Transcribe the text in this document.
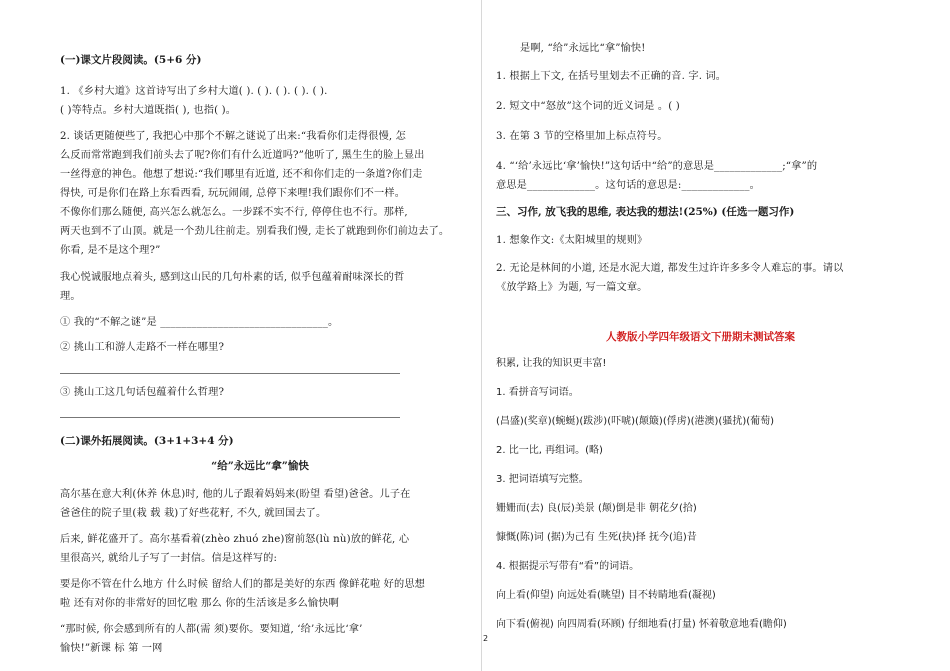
(一)课文片段阅读。(5+6 分)
1. 《乡村大道》这首诗写出了乡村大道( ). ( ). ( ). ( ). ( ).
( )等特点。乡村大道既指( ), 也指( )。
2. 谈话更随便些了, 我把心中那个不解之谜说了出来:“我看你们走得很慢, 怎
么反而常常跑到我们前头去了呢?你们有什么近道吗?”他听了, 黑生生的脸上显出
一丝得意的神色。他想了想说:“我们哪里有近道, 还不和你们走的一条道?你们走
得快, 可是你们在路上东看西看, 玩玩闹闹, 总停下来哩!我们跟你们不一样。
不像你们那么随便, 高兴怎么就怎么。一步踩不实不行, 停停住也不行。那样,
两天也到不了山顶。就是一个劲儿往前走。别看我们慢, 走长了就跑到你们前边去了。
你看, 是不是这个理?”
我心悦诚服地点着头, 感到这山民的几句朴素的话, 似乎包蕴着耐味深长的哲
理。
① 我的“不解之谜”是 ________________________________。
② 挑山工和游人走路不一样在哪里?
③ 挑山工这几句话包蕴着什么哲理?
(二)课外拓展阅读。(3+1+3+4 分)
“给”永远比“拿”愉快
高尔基在意大利(休养 休息)时, 他的儿子跟着妈妈来(盼望 看望)爸爸。儿子在
爸爸住的院子里(栽 载 栽)了好些花籽, 不久, 就回国去了。
后来, 鲜花盛开了。高尔基看着(zhèo zhuó zhe)窗前怒(lù nù)放的鲜花, 心
里很高兴, 就给儿子写了一封信。信是这样写的:
要是你不管在什么地方 什么时候 留给人们的都是美好的东西 像鲜花啦 好的思想
啦 还有对你的非常好的回忆啦 那么 你的生活该是多么愉快啊
“那时候, 你会感到所有的人都(需 须)要你。要知道, ‘给’永远比‘拿’
愉快!”新课 标 第 一网
是啊, “给”永远比“拿”愉快!
1. 根据上下文, 在括号里划去不正确的音. 字. 词。
2. 短文中“怒放”这个词的近义词是 。( )
3. 在第 3 节的空格里加上标点符号。
4. “‘给’永远比‘拿’愉快!”这句话中“给”的意思是_____________;“拿”的
意思是_____________。这句话的意思是:_____________。
三、习作, 放飞我的思维, 表达我的想法!(25%) (任选一题习作)
1. 想象作文:《太阳城里的规则》
2. 无论是林间的小道, 还是水泥大道, 都发生过许许多多令人难忘的事。请以
《放学路上》为题, 写一篇文章。
人教版小学四年级语文下册期末测试答案
积累, 让我的知识更丰富!
1. 看拼音写词语。
(昌盛)(奖章)(蜿蜒)(跋涉)(吓唬)(颠簸)(俘虏)(港澳)(骚扰)(葡萄)
2. 比一比, 再组词。(略)
3. 把词语填写完整。
姗姗而(去) 良(辰)美景 (颠)倒是非 朝花夕(拾)
慷慨(陈)词 (据)为己有 生死(抉)择 抚今(追)昔
4. 根据提示写带有“看”的词语。
向上看(仰望) 向远处看(眺望) 目不转睛地看(凝视)
向下看(俯视) 向四周看(环顾) 仔细地看(打量) 怀着敬意地看(瞻仰)
2
